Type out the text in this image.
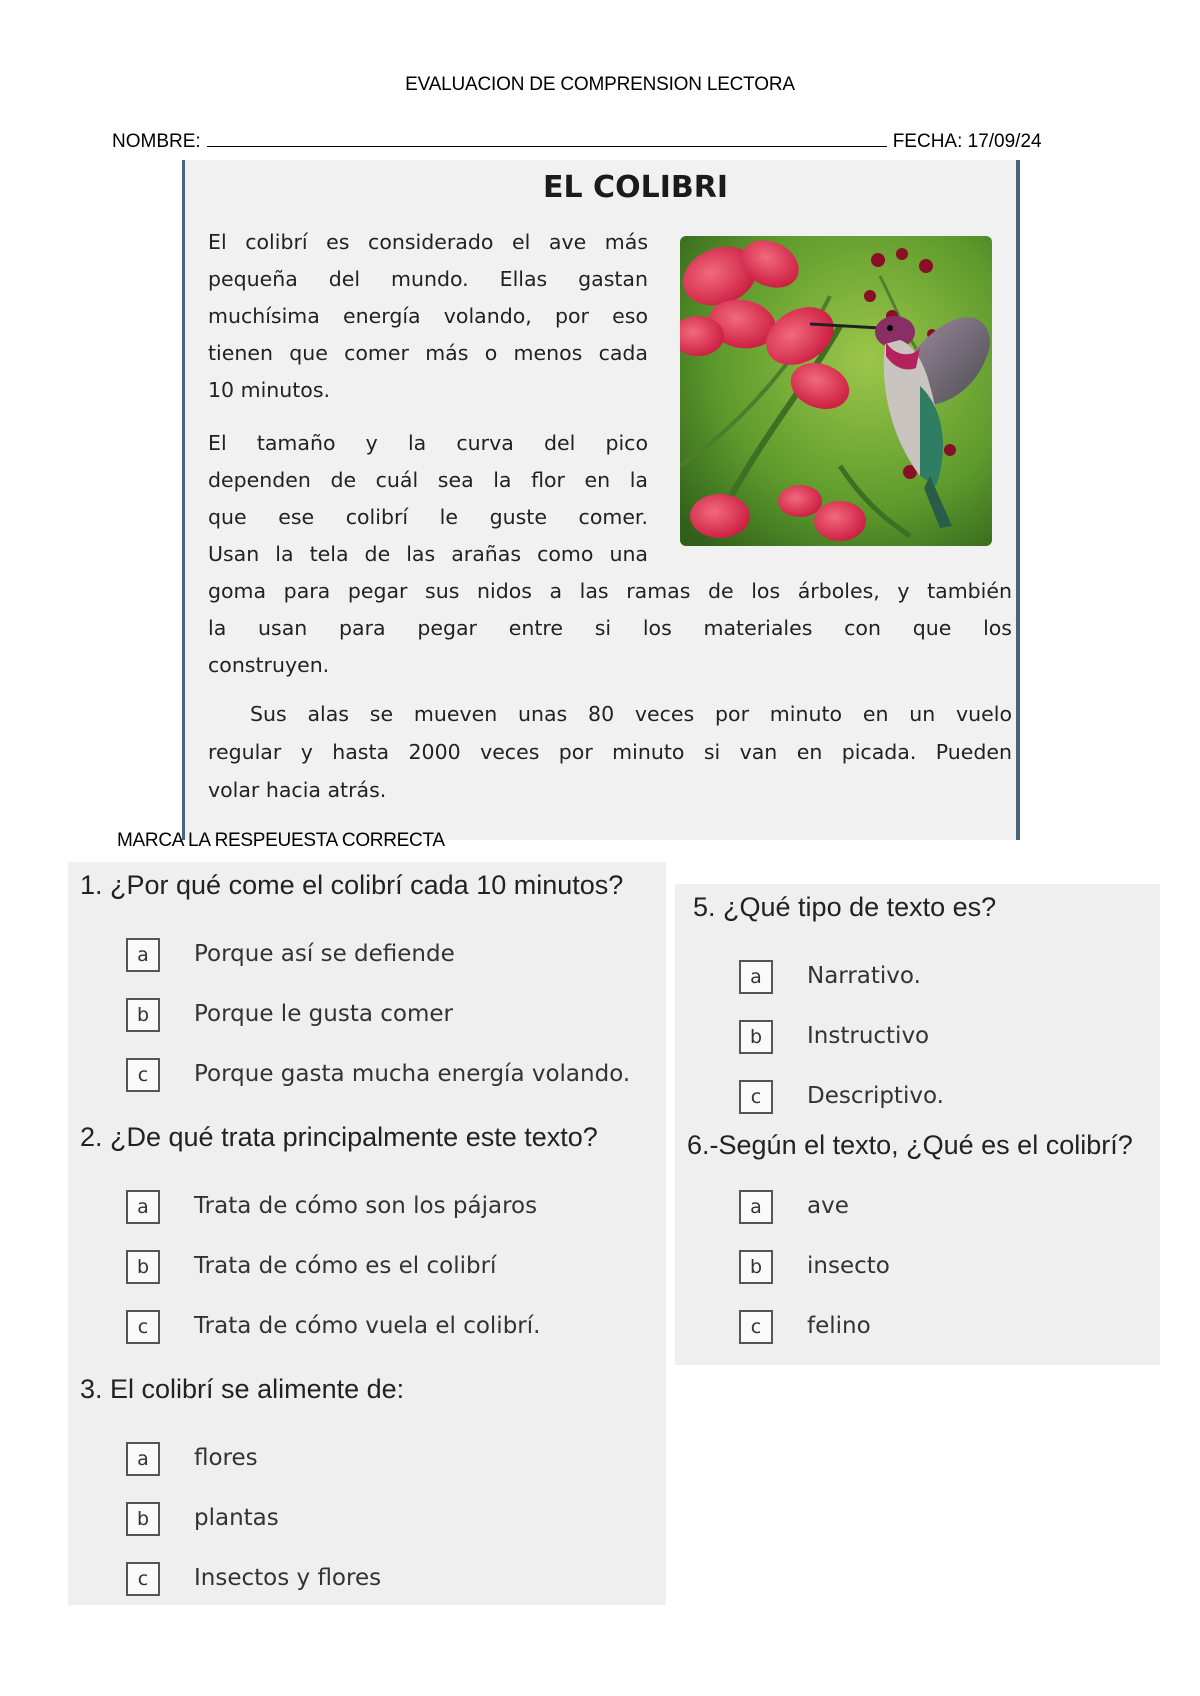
EVALUACION DE COMPRENSION LECTORA
NOMBRE:	FECHA: 17/09/24
EL COLIBRI
El colibrí es considerado el ave más
pequeña del mundo. Ellas gastan
muchísima energía volando, por eso
tienen que comer más o menos cada
10 minutos.
El tamaño y la curva del pico
dependen de cuál sea la flor en la
que ese colibrí le guste comer.
Usan la tela de las arañas como una
goma para pegar sus nidos a las ramas de los árboles, y también
la usan para pegar entre si los materiales con que los
construyen.
Sus alas se mueven unas 80 veces por minuto en un vuelo
regular y hasta 2000 veces por minuto si van en picada. Pueden
volar hacia atrás.
MARCA LA RESPEUESTA CORRECTA
1. ¿Por qué come el colibrí cada 10 minutos?
a	Porque así se defiende
b	Porque le gusta comer
c	Porque gasta mucha energía volando.
2. ¿De qué trata principalmente este texto?
a	Trata de cómo son los pájaros
b	Trata de cómo es el colibrí
c	Trata de cómo vuela el colibrí.
3. El colibrí se alimente de:
a	flores
b	plantas
c	Insectos y flores
5. ¿Qué tipo de texto es?
a	Narrativo.
b	Instructivo
c	Descriptivo.
6.-Según el texto, ¿Qué es el colibrí?
a	ave
b	insecto
c	felino
